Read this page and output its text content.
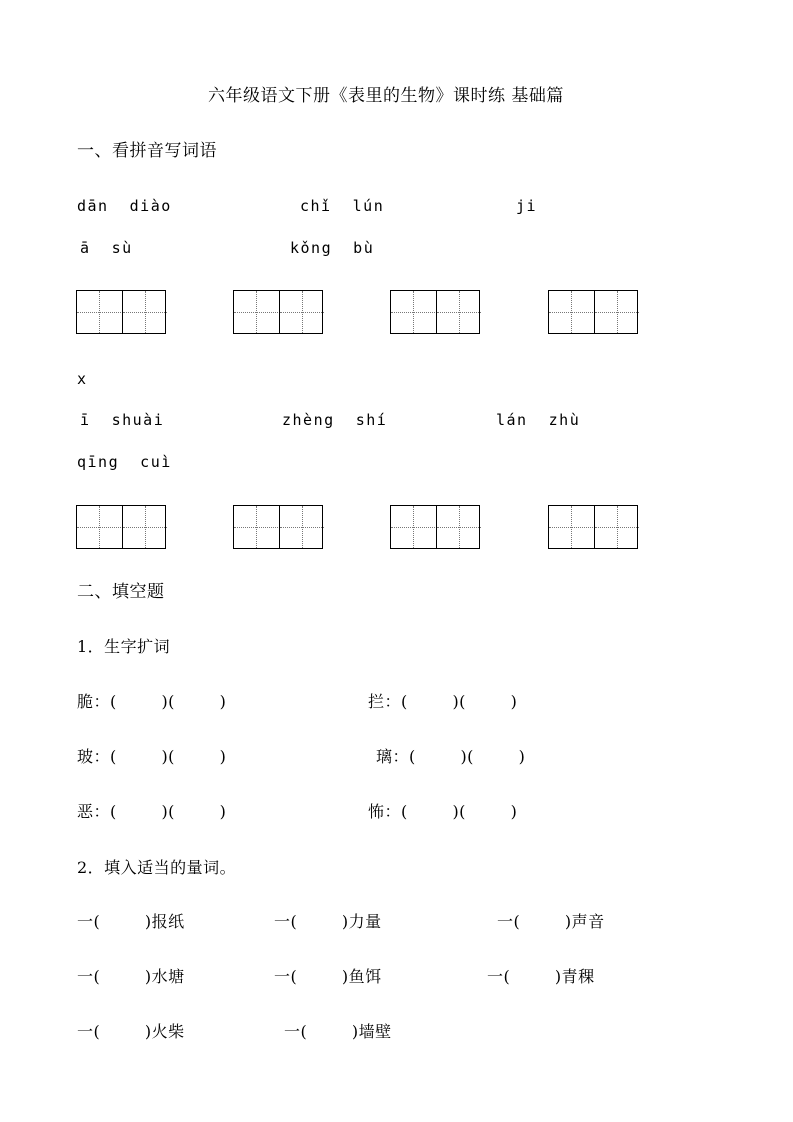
六年级语文下册《表里的生物》课时练 基础篇
一、看拼音写词语
dān  diào	chǐ  lún	ji
ā  sù	kǒng  bù
x
ī  shuài	zhèng  shí	lán  zhù
qīng  cuì
二、填空题
1．生字扩词
脆：(        )(        )	拦：(        )(        )
玻：(        )(        )	璃：(        )(        )
恶：(        )(        )	怖：(        )(        )
2．填入适当的量词。
一(        )报纸	一(        )力量	一(        )声音
一(        )水塘	一(        )鱼饵	一(        )青稞
一(        )火柴	一(        )墙壁
